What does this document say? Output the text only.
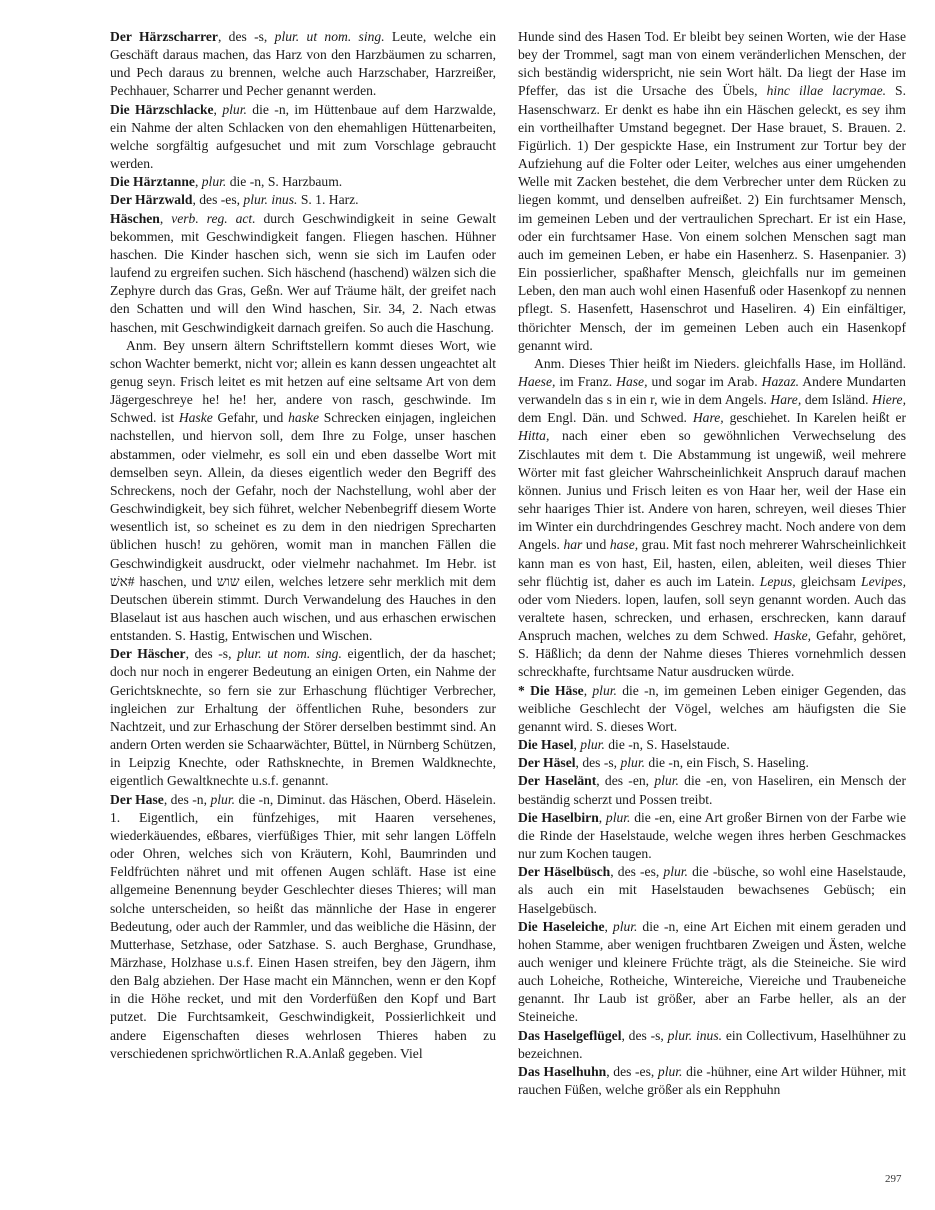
Der Härzscharrer, des -s, plur. ut nom. sing. Leute, welche ein Geschäft daraus machen, das Harz von den Harzbäumen zu scharren, und Pech daraus zu brennen, welche auch Harzschaber, Harzreißer, Pechhauer, Scharrer und Pecher genannt werden.

Die Härzschlacke, plur. die -n, im Hüttenbaue auf dem Harzwalde, ein Nahme der alten Schlacken von den ehemahligen Hüttenarbeiten, welche sorgfältig aufgesuchet und mit zum Vorschlage gebraucht werden.

Die Härztanne, plur. die -n, S. Harzbaum.

Der Härzwald, des -es, plur. inus. S. 1. Harz.

Häschen, verb. reg. act. durch Geschwindigkeit in seine Gewalt bekommen, mit Geschwindigkeit fangen. Fliegen haschen. Hühner haschen. Die Kinder haschen sich, wenn sie sich im Laufen oder laufend zu ergreifen suchen. Sich häschend (haschend) wälzen sich die Zephyre durch das Gras, Geßn. Wer auf Träume hält, der greifet nach den Schatten und will den Wind haschen, Sir. 34, 2. Nach etwas haschen, mit Geschwindigkeit darnach greifen. So auch die Haschung.

Anm. Bey unsern ältern Schriftstellern kommt dieses Wort, wie schon Wachter bemerkt, nicht vor; allein es kann dessen ungeachtet alt genug seyn. Frisch leitet es mit hetzen auf eine seltsame Art von dem Jägergeschreye he! he! her, andere von rasch, geschwinde. Im Schwed. ist Haske Gefahr, und haske Schrecken einjagen, ingleichen nachstellen, und hiervon soll, dem Ihre zu Folge, unser haschen abstammen, oder vielmehr, es soll ein und eben dasselbe Wort mit demselben seyn. Allein, da dieses eigentlich weder den Begriff des Schreckens, noch der Gefahr, noch der Nachstellung, wohl aber der Geschwindigkeit, bey sich führet, welcher Nebenbegriff diesem Worte wesentlich ist, so scheinet es zu dem in den niedrigen Sprecharten üblichen husch! zu gehören, womit man in manchen Fällen die Geschwindigkeit ausdruckt, oder vielmehr nachahmet. Im Hebr. ist אשׁ# haschen, und שוש eilen, welches letzere sehr merklich mit dem Deutschen überein stimmt. Durch Verwandelung des Hauches in den Blaselaut ist aus haschen auch wischen, und aus erhaschen erwischen entstanden. S. Hastig, Entwischen und Wischen.

Der Häscher, des -s, plur. ut nom. sing. eigentlich, der da haschet; doch nur noch in engerer Bedeutung an einigen Orten, ein Nahme der Gerichtsknechte, so fern sie zur Erhaschung flüchtiger Verbrecher, ingleichen zur Erhaltung der öffentlichen Ruhe, besonders zur Nachtzeit, und zur Erhaschung der Störer derselben bestimmt sind. An andern Orten werden sie Schaarwächter, Büttel, in Nürnberg Schützen, in Leipzig Knechte, oder Rathsknechte, in Bremen Waldknechte, eigentlich Gewaltknechte u.s.f. genannt.

Der Hase, des -n, plur. die -n, Diminut. das Häschen, Oberd. Häselein. 1. Eigentlich, ein fünfzehiges, mit Haaren versehenes, wiederkäuendes, eßbares, vierfüßiges Thier, mit sehr langen Löffeln oder Ohren, welches sich von Kräutern, Kohl, Baumrinden und Feldfrüchten nähret und mit offenen Augen schläft. Hase ist eine allgemeine Benennung beyder Geschlechter dieses Thieres; will man solche unterscheiden, so heißt das männliche der Hase in engerer Bedeutung, oder auch der Rammler, und das weibliche die Häsinn, der Mutterhase, Setzhase, oder Satzhase. S. auch Berghase, Grundhase, Märzhase, Holzhase u.s.f. Einen Hasen streifen, bey den Jägern, ihm den Balg abziehen. Der Hase macht ein Männchen, wenn er den Kopf in die Höhe recket, und mit den Vorderfüßen den Kopf und Bart putzet. Die Furchtsamkeit, Geschwindigkeit, Possierlichkeit und andere Eigenschaften dieses wehrlosen Thieres haben zu verschiedenen sprichwörtlichen R.A.Anlaß gegeben. Viel

Hunde sind des Hasen Tod. Er bleibt bey seinen Worten, wie der Hase bey der Trommel, sagt man von einem veränderlichen Menschen, der sich beständig widerspricht, nie sein Wort hält. Da liegt der Hase im Pfeffer, das ist die Ursache des Übels, hinc illae lacrymae. S. Hasenschwarz. Er denkt es habe ihn ein Häschen geleckt, es sey ihm ein vortheilhafter Umstand begegnet. Der Hase brauet, S. Brauen. 2. Figürlich. 1) Der gespickte Hase, ein Instrument zur Tortur bey der Aufziehung auf die Folter oder Leiter, welches aus einer umgehenden Welle mit Zacken bestehet, die dem Verbrecher unter dem Rücken zu liegen kommt, und denselben aufreißet. 2) Ein furchtsamer Mensch, im gemeinen Leben und der vertraulichen Sprechart. Er ist ein Hase, oder ein furchtsamer Hase. Von einem solchen Menschen sagt man auch im gemeinen Leben, er habe ein Hasenherz. S. Hasenpanier. 3) Ein possierlicher, spaßhafter Mensch, gleichfalls nur im gemeinen Leben, den man auch wohl einen Hasenfuß oder Hasenkopf zu nennen pflegt. S. Hasenfett, Hasenschrot und Haseliren. 4) Ein einfältiger, thörichter Mensch, der im gemeinen Leben auch ein Hasenkopf genannt wird.

Anm. Dieses Thier heißt im Nieders. gleichfalls Hase, im Holländ. Haese, im Franz. Hase, und sogar im Arab. Hazaz. Andere Mundarten verwandeln das s in ein r, wie in dem Angels. Hare, dem Isländ. Hiere, dem Engl. Dän. und Schwed. Hare, geschiehet. In Karelen heißt er Hitta, nach einer eben so gewöhnlichen Verwechselung des Zischlautes mit dem t. Die Abstammung ist ungewiß, weil mehrere Wörter mit fast gleicher Wahrscheinlichkeit Anspruch darauf machen können. Junius und Frisch leiten es von Haar her, weil der Hase ein sehr haariges Thier ist. Andere von haren, schreyen, weil dieses Thier im Winter ein durchdringendes Geschrey macht. Noch andere von dem Angels. har und hase, grau. Mit fast noch mehrerer Wahrscheinlichkeit kann man es von hast, Eil, hasten, eilen, ableiten, weil dieses Thier sehr flüchtig ist, daher es auch im Latein. Lepus, gleichsam Levipes, oder vom Nieders. lopen, laufen, soll seyn genannt worden. Auch das veraltete hasen, schrecken, und erhasen, erschrecken, kann darauf Anspruch machen, welches zu dem Schwed. Haske, Gefahr, gehöret, S. Häßlich; da denn der Nahme dieses Thieres vornehmlich dessen schreckhafte, furchtsame Natur ausdrucken würde.

* Die Häse, plur. die -n, im gemeinen Leben einiger Gegenden, das weibliche Geschlecht der Vögel, welches am häufigsten die Sie genannt wird. S. dieses Wort.

Die Hasel, plur. die -n, S. Haselstaude.

Der Häsel, des -s, plur. die -n, ein Fisch, S. Haseling.

Der Haselänt, des -en, plur. die -en, von Haseliren, ein Mensch der beständig scherzt und Possen treibt.

Die Haselbirn, plur. die -en, eine Art großer Birnen von der Farbe wie die Rinde der Haselstaude, welche wegen ihres herben Geschmackes nur zum Kochen taugen.

Der Häselbüsch, des -es, plur. die -büsche, so wohl eine Haselstaude, als auch ein mit Haselstauden bewachsenes Gebüsch; ein Haselgebüsch.

Die Haseleiche, plur. die -n, eine Art Eichen mit einem geraden und hohen Stamme, aber wenigen fruchtbaren Zweigen und Ästen, welche auch weniger und kleinere Früchte trägt, als die Steineiche. Sie wird auch Loheiche, Rotheiche, Wintereiche, Viereiche und Traubeneiche genannt. Ihr Laub ist größer, aber an Farbe heller, als an der Steineiche.

Das Haselgeflügel, des -s, plur. inus. ein Collectivum, Haselhühner zu bezeichnen.

Das Haselhuhn, des -es, plur. die -hühner, eine Art wilder Hühner, mit rauchen Füßen, welche größer als ein Repphuhn

297
